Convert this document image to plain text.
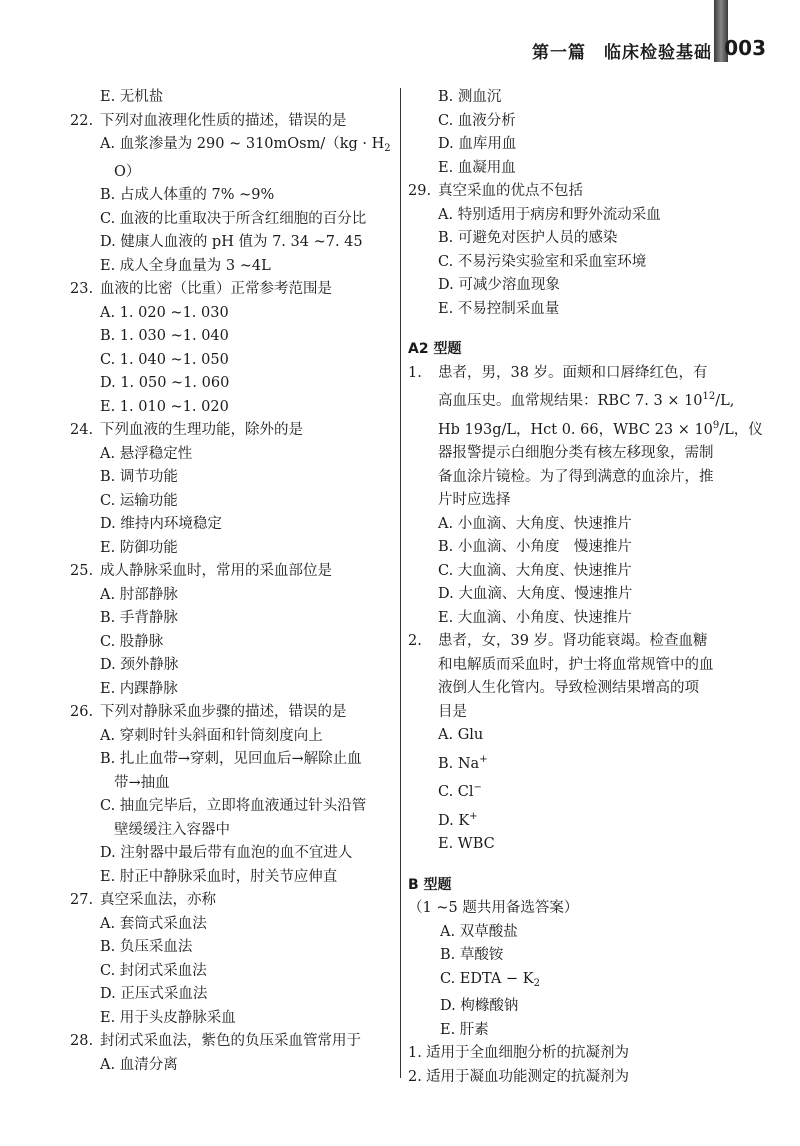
第一篇　临床检验基础 003
E. 无机盐
22. 下列对血液理化性质的描述，错误的是
A. 血浆渗量为 290 ~ 310mOsm/（kg · $H_2$
O）
B. 占成人体重的 7% ~9%
C. 血液的比重取决于所含红细胞的百分比
D. 健康人血液的 pH 值为 7. 34 ~7. 45
E. 成人全身血量为 3 ~4L
23. 血液的比密（比重）正常参考范围是
A. 1. 020 ~1. 030
B. 1. 030 ~1. 040
C. 1. 040 ~1. 050
D. 1. 050 ~1. 060
E. 1. 010 ~1. 020
24. 下列血液的生理功能，除外的是
A. 悬浮稳定性
B. 调节功能
C. 运输功能
D. 维持内环境稳定
E. 防御功能
25. 成人静脉采血时，常用的采血部位是
A. 肘部静脉
B. 手背静脉
C. 股静脉
D. 颈外静脉
E. 内踝静脉
26. 下列对静脉采血步骤的描述，错误的是
A. 穿刺时针头斜面和针筒刻度向上
B. 扎止血带→穿刺，见回血后→解除止血
带→抽血
C. 抽血完毕后，立即将血液通过针头沿管
壁缓缓注入容器中
D. 注射器中最后带有血泡的血不宜进人
E. 肘正中静脉采血时，肘关节应伸直
27. 真空采血法，亦称
A. 套筒式采血法
B. 负压采血法
C. 封闭式采血法
D. 正压式采血法
E. 用于头皮静脉采血
28. 封闭式采血法，紫色的负压采血管常用于
A. 血清分离
B. 测血沉
C. 血液分析
D. 血库用血
E. 血凝用血
29. 真空采血的优点不包括
A. 特别适用于病房和野外流动采血
B. 可避免对医护人员的感染
C. 不易污染实验室和采血室环境
D. 可减少溶血现象
E. 不易控制采血量
A2 型题
1. 患者，男，38 岁。面颊和口唇绛红色，有
高血压史。血常规结果：RBC 7. $3 \times 10^{12}/L$,
Hb 193g/L，Hct 0. 66，WBC $23 \times 10^9/L$，仪
器报警提示白细胞分类有核左移现象，需制
备血涂片镜检。为了得到满意的血涂片，推
片时应选择
A. 小血滴、大角度、快速推片
B. 小血滴、小角度　慢速推片
C. 大血滴、大角度、快速推片
D. 大血滴、大角度、慢速推片
E. 大血滴、小角度、快速推片
2. 患者，女，39 岁。肾功能衰竭。检查血糖
和电解质而采血时，护士将血常规管中的血
液倒人生化管内。导致检测结果增高的项
目是
A. Glu
B. Na+
C. Cl−
D. K+
E. WBC
B 型题
（1 ~5 题共用备选答案）
A. 双草酸盐
B. 草酸铵
C. EDTA − $K_2$
D. 枸橼酸钠
E. 肝素
1. 适用于全血细胞分析的抗凝剂为
2. 适用于凝血功能测定的抗凝剂为
